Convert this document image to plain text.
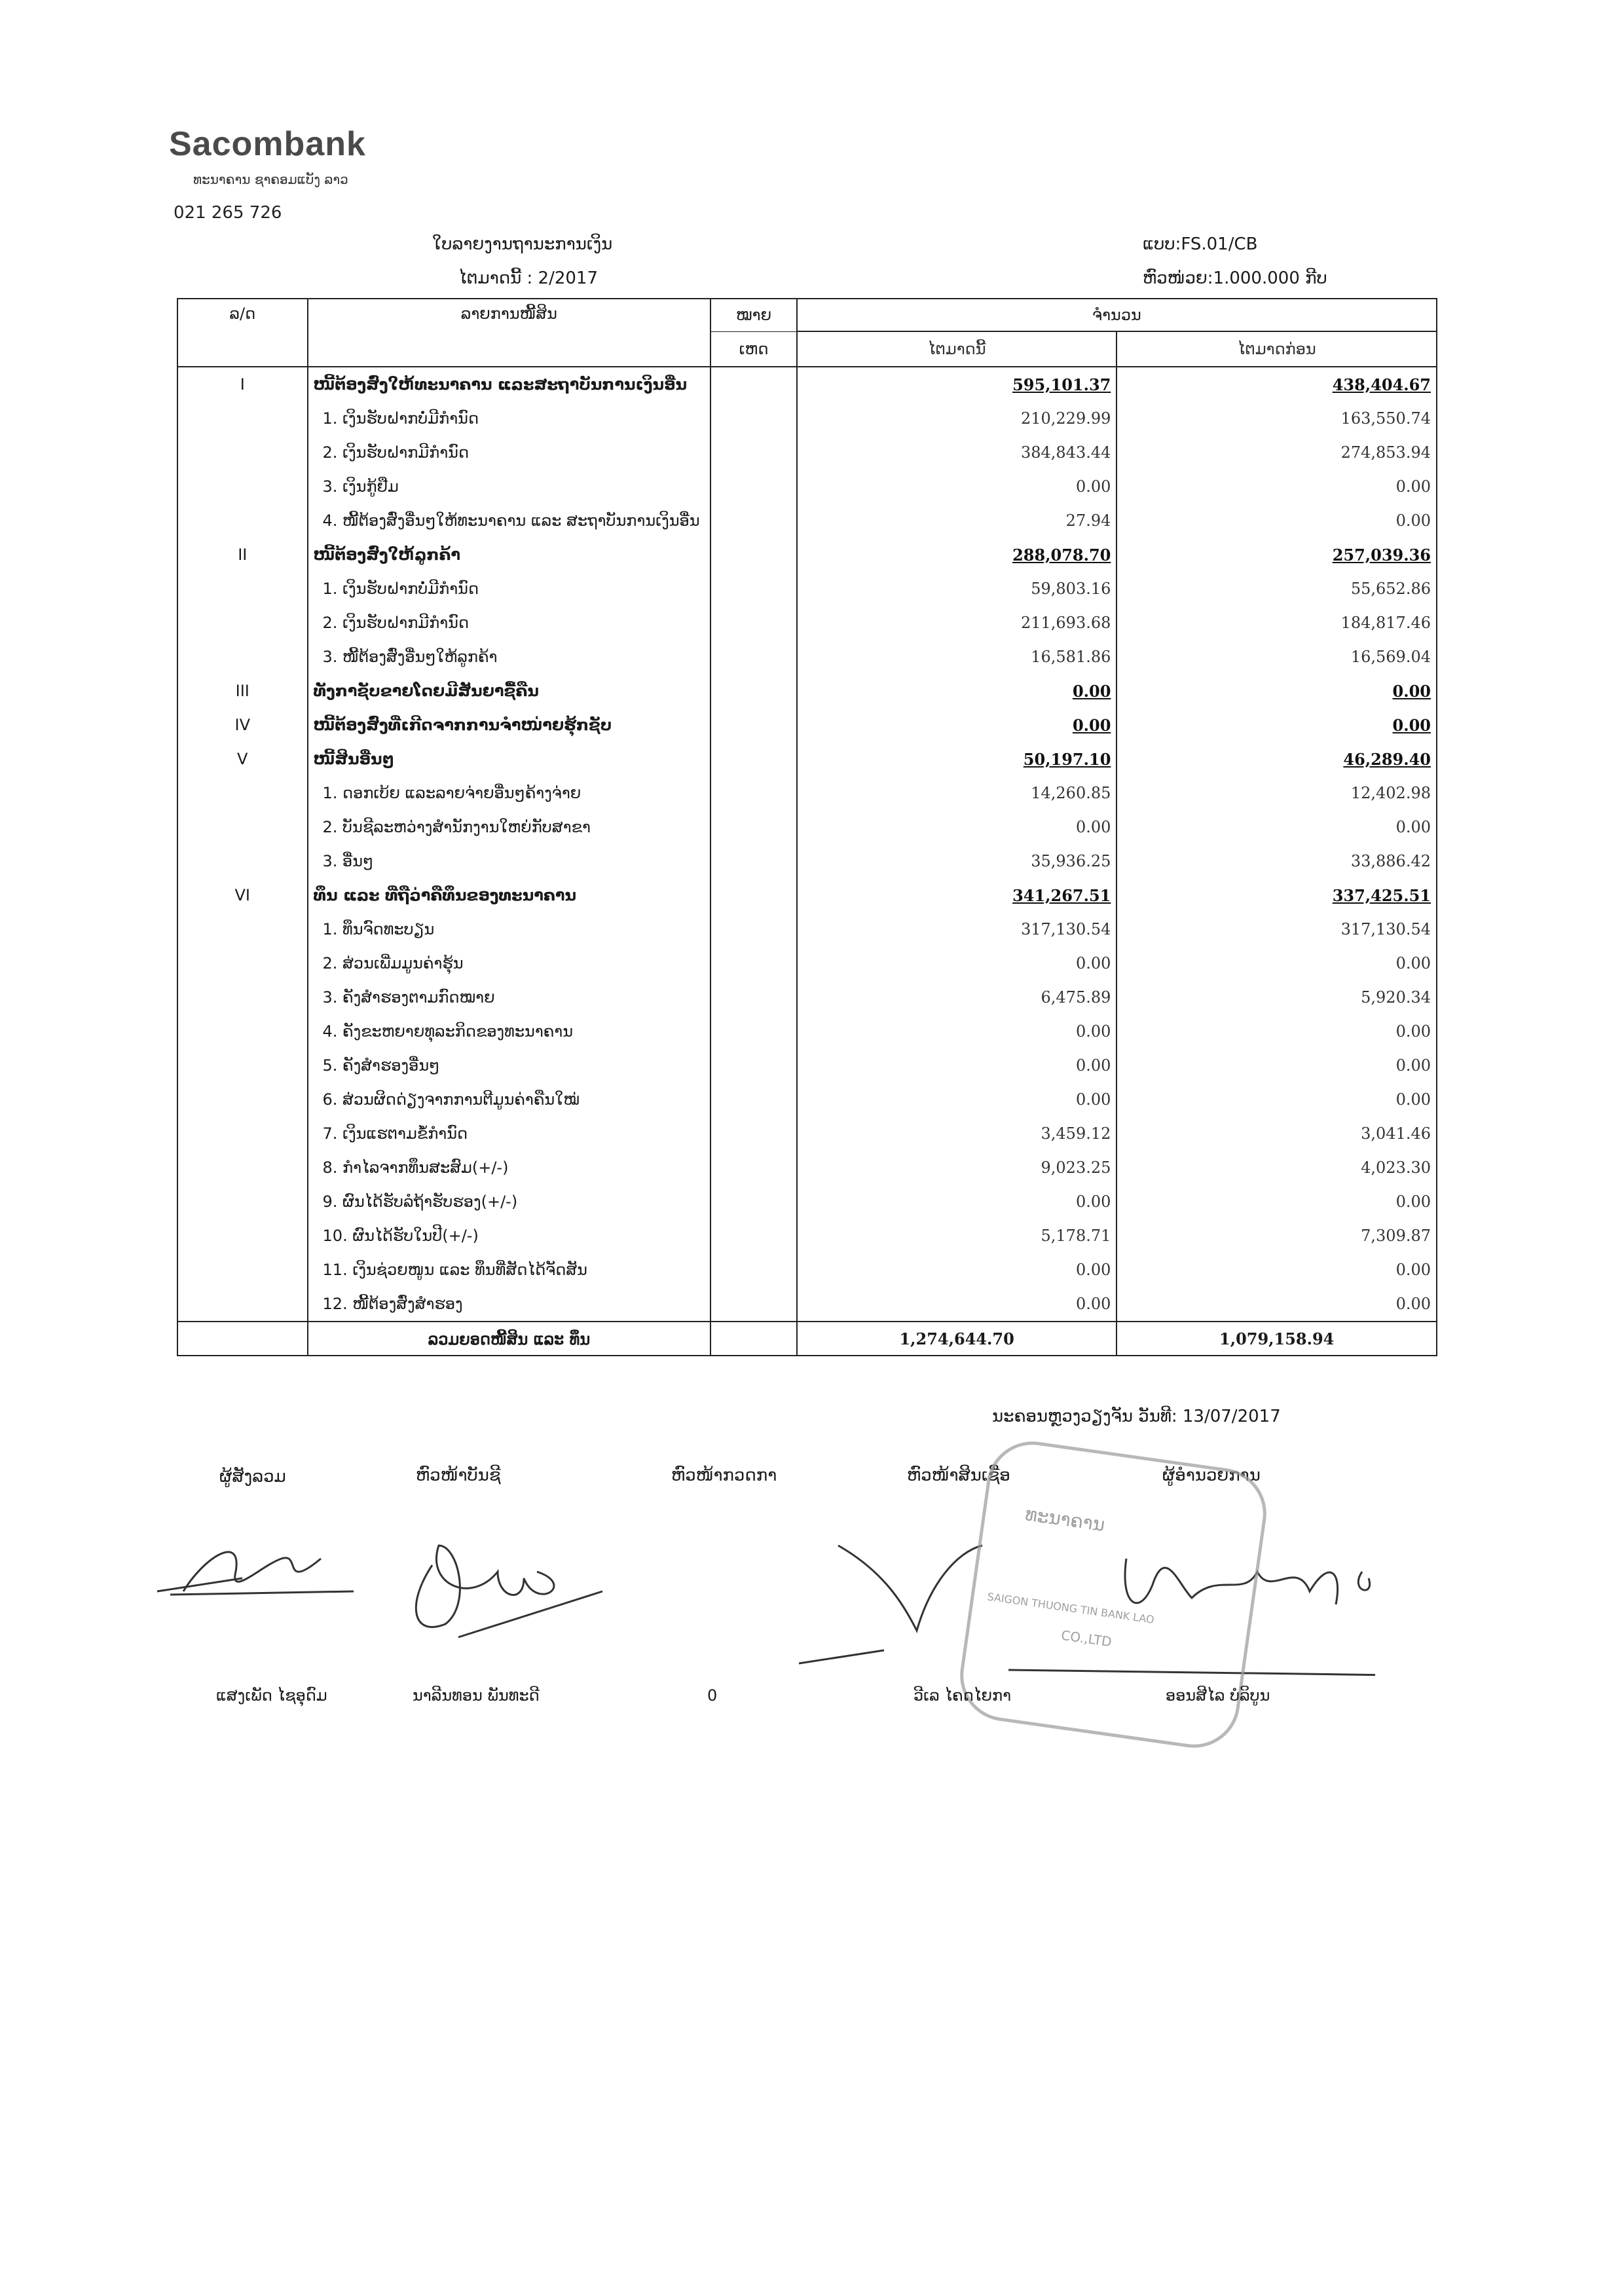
Sacombank
ທະນາຄານ ຊາຄອມແບັງ ລາວ
021 265 726
ໃບລາຍງານຖານະການເງິນ
ໄຕມາດນີ້ : 2/2017
ແບບ:FS.01/CB
ຫົວໜ່ວຍ:1.000.000 ກີບ
ລ/ດ	ລາຍການໜີ້ສິນ	ໝາຍ	ຈຳນວນ	
		ເຫດ	ໄຕມາດນີ້	ໄຕມາດກ່ອນ
I	ໜີ້ຕ້ອງສົ່ງໃຫ້ທະນາຄານ ແລະສະຖາບັນການເງິນອື່ນ		595,101.37	438,404.67
	1. ເງິນຮັບຝາກບໍ່ມີກຳນົດ		210,229.99	163,550.74
	2. ເງິນຮັບຝາກມີກຳນົດ		384,843.44	274,853.94
	3. ເງິນກູ້ຢືມ		0.00	0.00
	4. ໜີ້ຕ້ອງສົ່ງອື່ນໆໃຫ້ທະນາຄານ ແລະ ສະຖາບັນການເງິນອື່ນ		27.94	0.00
II	ໜີ້ຕ້ອງສົ່ງໃຫ້ລູກຄ້າ		288,078.70	257,039.36
	1. ເງິນຮັບຝາກບໍ່ມີກຳນົດ		59,803.16	55,652.86
	2. ເງິນຮັບຝາກມີກຳນົດ		211,693.68	184,817.46
	3. ໜີ້ຕ້ອງສົ່ງອື່ນໆໃຫ້ລູກຄ້າ		16,581.86	16,569.04
III	ທັງກາຊັບຂາຍໂດຍມີສັນຍາຊື້ຄືນ		0.00	0.00
IV	ໜີ້ຕ້ອງສົ່ງທີ່ເກີດຈາກການຈຳໜ່າຍຮຸ້ກຊັບ		0.00	0.00
V	ໜີ້ສິນອື່ນໆ		50,197.10	46,289.40
	1. ດອກເບ້ຍ ແລະລາຍຈ່າຍອື່ນໆຄ້າງຈ່າຍ		14,260.85	12,402.98
	2. ບັນຊີລະຫວ່າງສຳນັກງານໃຫຍ່ກັບສາຂາ		0.00	0.00
	3. ອື່ນໆ		35,936.25	33,886.42
VI	ທຶນ ແລະ ທີ່ຖືວ່າຄືທຶນຂອງທະນາຄານ		341,267.51	337,425.51
	1. ທຶນຈົດທະບຽນ		317,130.54	317,130.54
	2. ສ່ວນເພີ່ມມູນຄ່າຮຸ້ນ		0.00	0.00
	3. ຄັງສຳຮອງຕາມກົດໝາຍ		6,475.89	5,920.34
	4. ຄັງຂະຫຍາຍທຸລະກິດຂອງທະນາຄານ		0.00	0.00
	5. ຄັງສຳຮອງອື່ນໆ		0.00	0.00
	6. ສ່ວນຜິດດ່ຽງຈາກການຕີມູນຄ່າຄືນໃໝ່		0.00	0.00
	7. ເງິນແຮຕາມຂໍ້ກຳນົດ		3,459.12	3,041.46
	8. ກຳໄລຈາກທຶນສະສົມ(+/-)		9,023.25	4,023.30
	9. ຜົນໄດ້ຮັບລໍຖ້າຮັບຮອງ(+/-)		0.00	0.00
	10. ຜົນໄດ້ຮັບໃນປີ(+/-)		5,178.71	7,309.87
	11. ເງິນຊ່ວຍໜູນ ແລະ ທຶນທີ່ສັດໄດ້ຈັດສັນ		0.00	0.00
	12. ໜີ້ຕ້ອງສົ່ງສຳຮອງ		0.00	0.00
	ລວມຍອດໜີ້ສິນ ແລະ ທຶນ		1,274,644.70	1,079,158.94
ນະຄອນຫຼວງວຽງຈັນ ວັນທີ: 13/07/2017
ຜູ້ສັງລວມ	ຫົວໜ້າບັນຊີ	ຫົວໜ້າກວດກາ	ຫົວໜ້າສິນເຊື່ອ	ຜູ້ອຳນວຍການ
ທະນາຄານ
SAIGON THUONG TIN BANK LAO
CO.,LTD
ແສງເພັດ ໄຊອຸດົມ	ນາລີນທອນ ພັນທະດີ	0	ວີເລ ໄຄດໄຍກາ	ອອນສີໄລ ບໍລິບູນ
